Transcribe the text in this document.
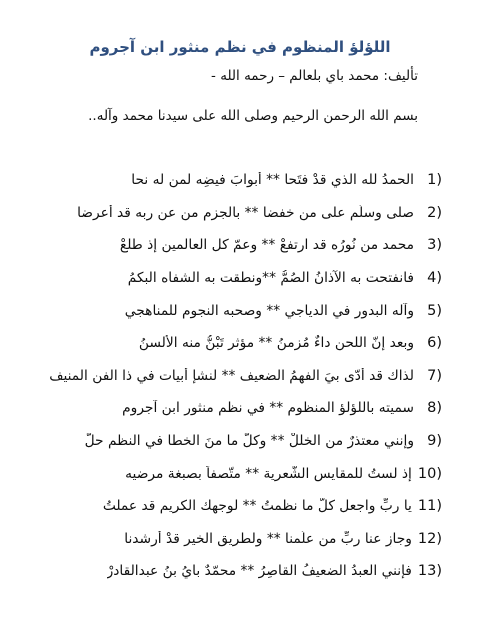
اللؤلؤ المنظوم في نظم منثور ابن آجروم
تأليف: محمد باي بلعالم – رحمه الله -
بسم الله الرحمن الرحيم وصلى الله على سيدنا محمد وآله..
1)
الحمدُ لله الذي قدْ فتَحا ** أبوابَ فيضِه لمن له نحا
2)
صلى وسلّم على من خفضا ** بالجزم من عن ربه قد أعرضا
3)
محمد من نُورُه قد ارتفعْ ** وعمّ كل العالمين إذ طلعْ
4)
فانفتحت به الآذانُ الصُمُّ **ونطقت به الشفاه البكمُ
5)
وآله البدور في الدياجي ** وصحبه النجوم للمناهجي
6)
وبعد إنّ اللحن داءٌ مُزمنُ ** مؤثر تَبْنُّ منه الألسنُ
7)
لذاك قد أدّى بيَ الفهمُ الضعيف ** لنشإ أبيات في ذا الفن المنيف
8)
سميته باللؤلؤ المنظوم ** في نظم منثور ابن آجروم
9)
وإنني معتذرٌ من الخللْ ** وكلّ ما منَ الخطا في النظم حلّ
10)
إذ لستُ للمقايسِ الشّعرية ** متّصفاً بصبغة مرضيه
11)
يا ربِّ واجعل كلّ ما نظمتُ ** لوجهك الكريم قد عملتُ
12)
وجازِ عنا ربِّ من علّمنا ** ولطريق الخير قدْ أرشدنا
13)
فإنني العبدُ الضعيفُ القاصِرُ ** محمّدٌ بايُ بنُ عبدالقادرْ
